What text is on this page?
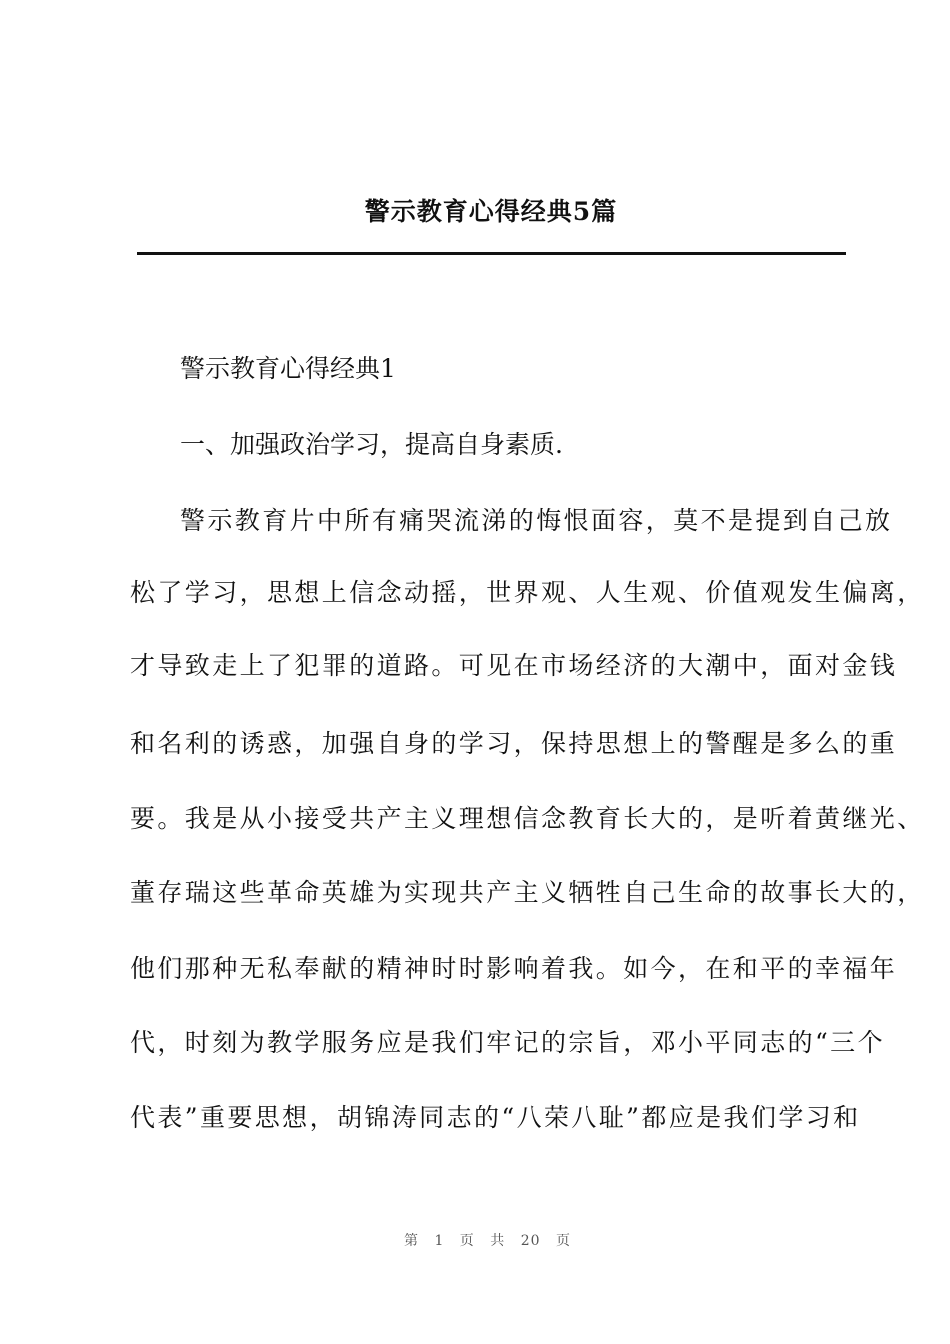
警示教育心得经典5篇

警示教育心得经典1

一、加强政治学习，提高自身素质.

警示教育片中所有痛哭流涕的悔恨面容，莫不是提到自己放

松了学习，思想上信念动摇，世界观、人生观、价值观发生偏离，

才导致走上了犯罪的道路。可见在市场经济的大潮中，面对金钱

和名利的诱惑，加强自身的学习，保持思想上的警醒是多么的重

要。我是从小接受共产主义理想信念教育长大的，是听着黄继光、

董存瑞这些革命英雄为实现共产主义牺牲自己生命的故事长大的，

他们那种无私奉献的精神时时影响着我。如今，在和平的幸福年

代，时刻为教学服务应是我们牢记的宗旨，邓小平同志的“三个

代表”重要思想，胡锦涛同志的“八荣八耻”都应是我们学习和

第 1 页 共 20 页
